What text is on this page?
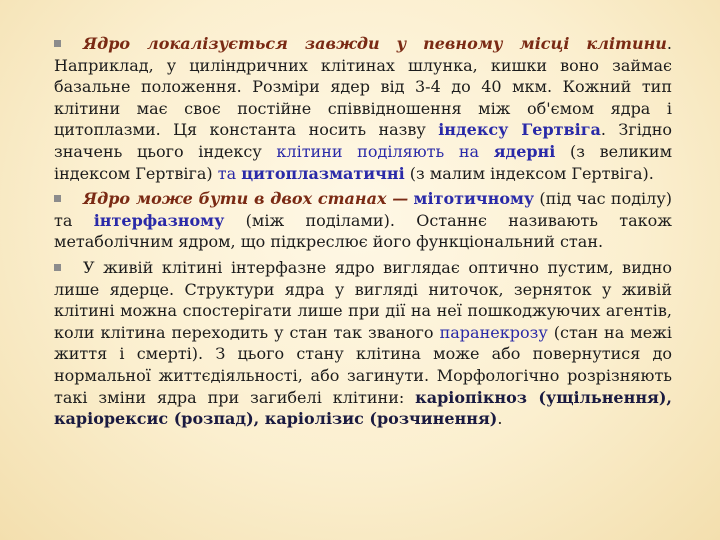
Ядро локалізується завжди у певному місці клітини. Наприклад, у циліндричних клітинах шлунка, кишки воно займає базальне положення. Розміри ядер від 3-4 до 40 мкм. Кожний тип клітини має своє постійне співвідношення між об'ємом ядра і цитоплазми. Ця константа носить назву індексу Гертвіга. Згідно значень цього індексу клітини поділяють на ядерні (з великим індексом Гертвіга) та цитоплазматичні (з малим індексом Гертвіга).

Ядро може бути в двох станах — мітотичному (під час поділу) та інтерфазному (між поділами). Останнє називають також метаболічним ядром, що підкреслює його функціональний стан.

У живій клітині інтерфазне ядро виглядає оптично пустим, видно лише ядерце. Структури ядра у вигляді ниточок, зерняток у живій клітині можна спостерігати лише при дії на неї пошкоджуючих агентів, коли клітина переходить у стан так званого паранекрозу (стан на межі життя і смерті). З цього стану клітина може або повернутися до нормальної життєдіяльності, або загинути. Морфологічно розрізняють такі зміни ядра при загибелі клітини: каріопікноз (ущільнення), каріорексис (розпад), каріолізис (розчинення).
